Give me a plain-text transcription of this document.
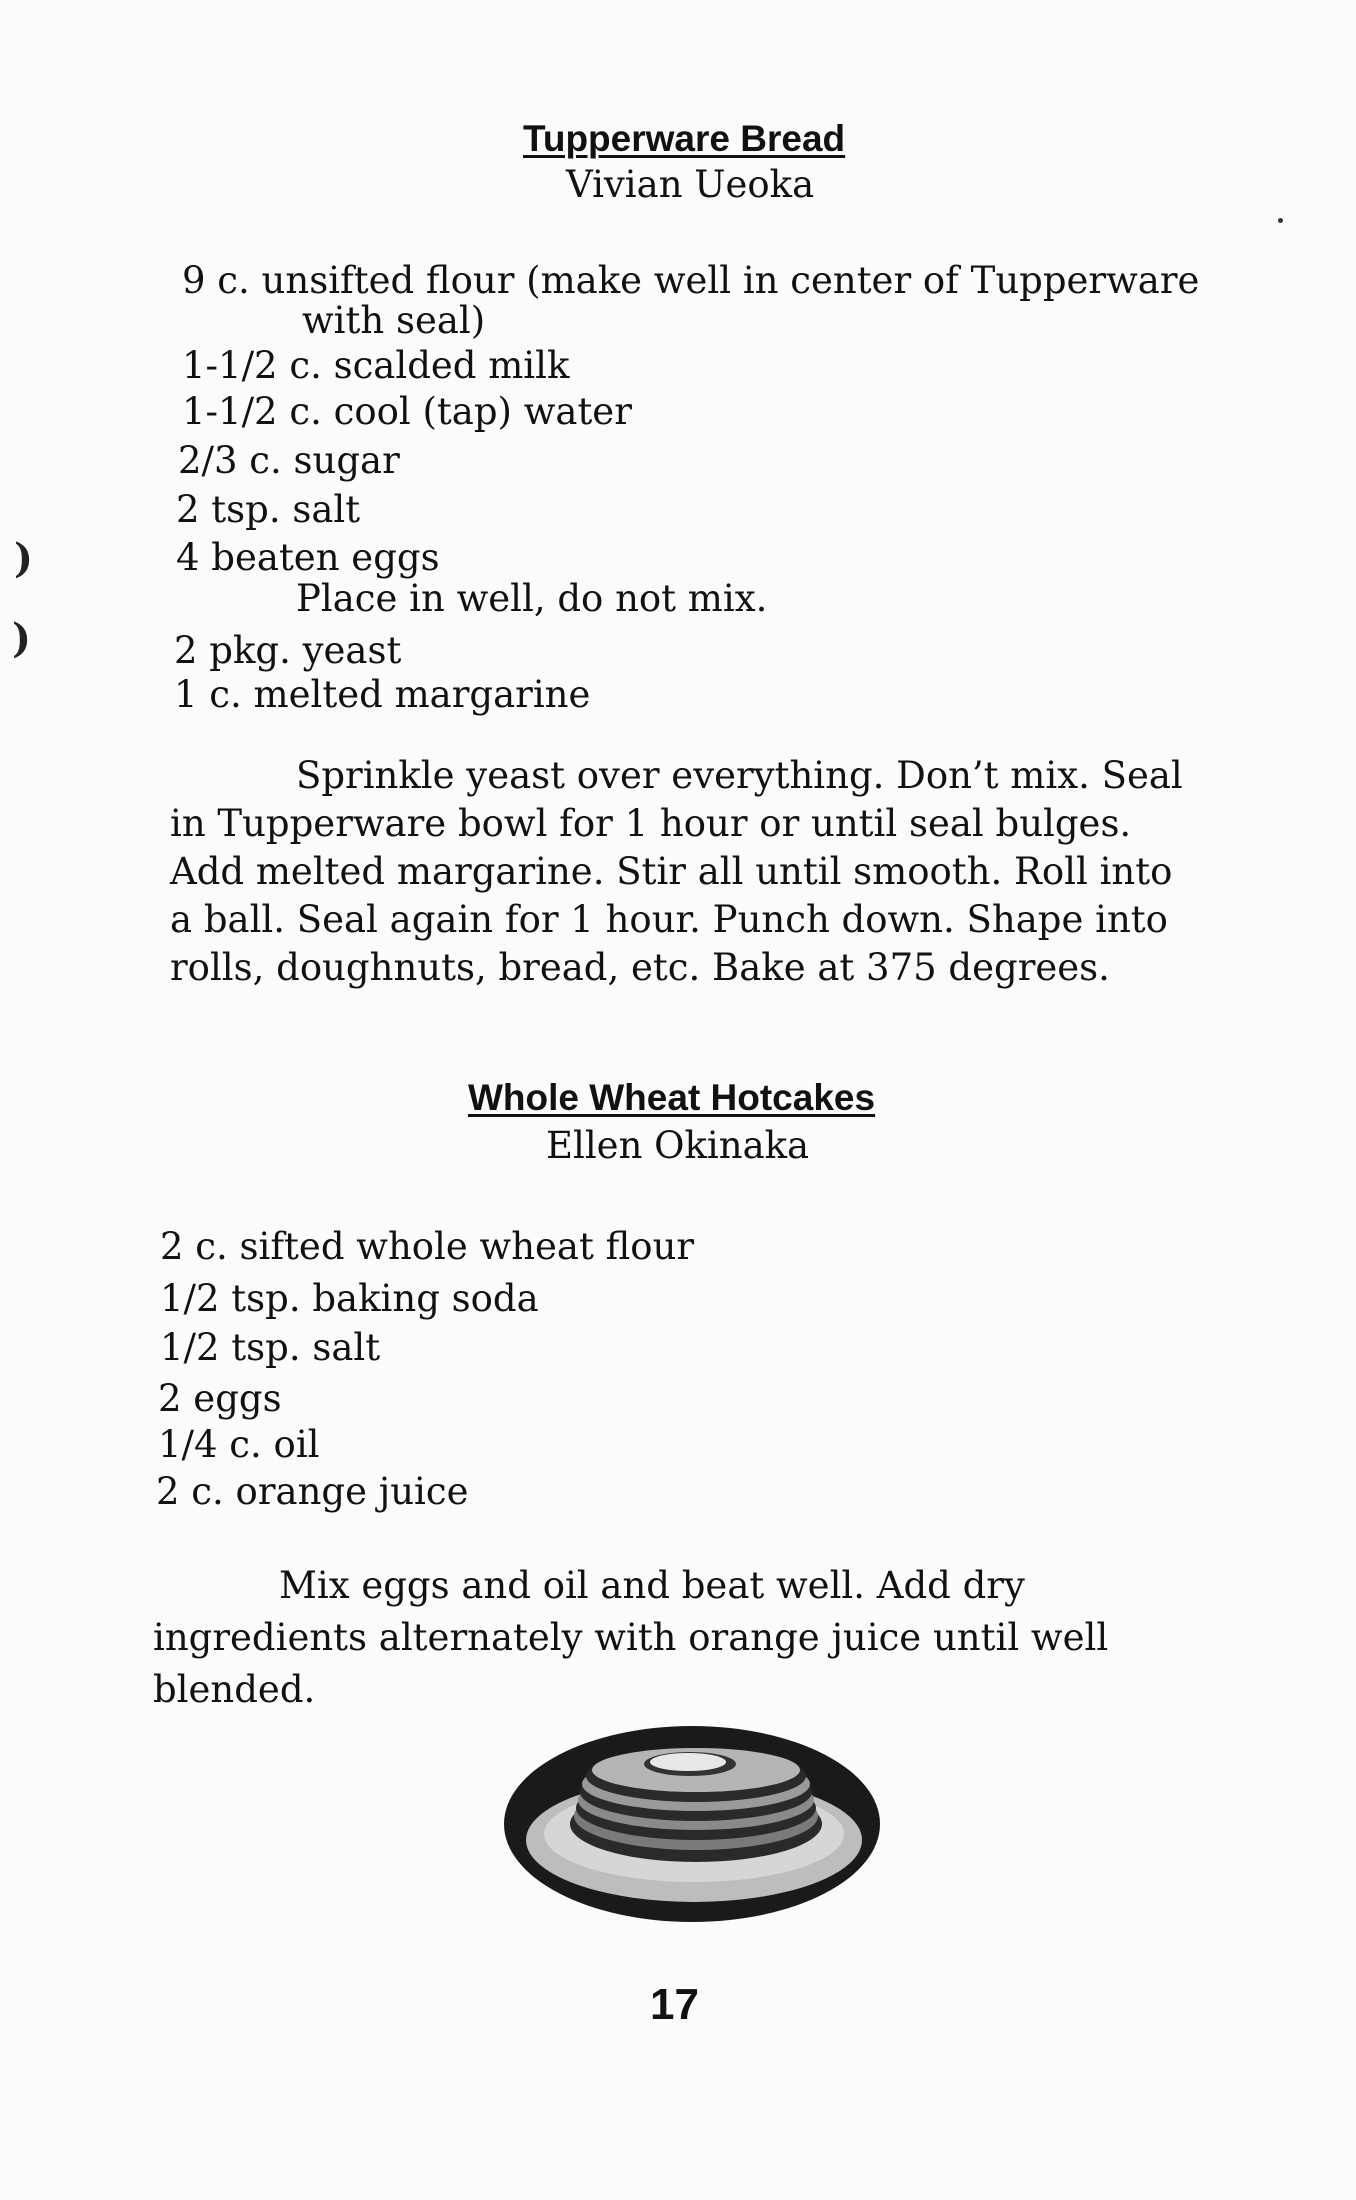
)
)
Tupperware Bread
Vivian Ueoka
9 c. unsifted flour (make well in center of Tupperware
with seal)
1-1/2 c. scalded milk
1-1/2 c. cool (tap) water
2/3 c. sugar
2 tsp. salt
4 beaten eggs
Place in well, do not mix.
2 pkg. yeast
1 c. melted margarine

Sprinkle yeast over everything. Don’t mix. Seal in Tupperware bowl for 1 hour or until seal bulges. Add melted margarine. Stir all until smooth. Roll into a ball. Seal again for 1 hour. Punch down. Shape into rolls, doughnuts, bread, etc. Bake at 375 degrees.

Whole Wheat Hotcakes
Ellen Okinaka
2 c. sifted whole wheat flour
1/2 tsp. baking soda
1/2 tsp. salt
2 eggs
1/4 c. oil
2 c. orange juice

Mix eggs and oil and beat well. Add dry ingredients alternately with orange juice until well blended.

17
